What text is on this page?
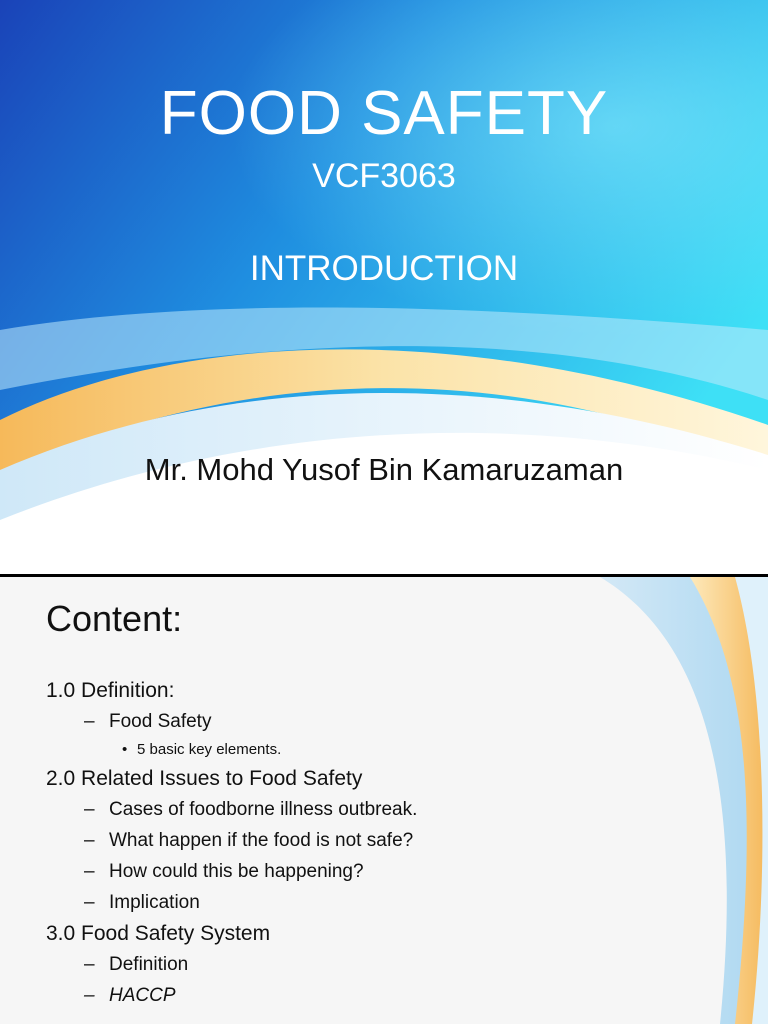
FOOD SAFETY
VCF3063
INTRODUCTION
Mr. Mohd Yusof Bin Kamaruzaman
Content:
1.0 Definition:
– Food Safety
• 5 basic key elements.
2.0 Related Issues to Food Safety
– Cases of foodborne illness outbreak.
– What happen if the food is not safe?
– How could this be happening?
– Implication
3.0 Food Safety System
– Definition
– HACCP
